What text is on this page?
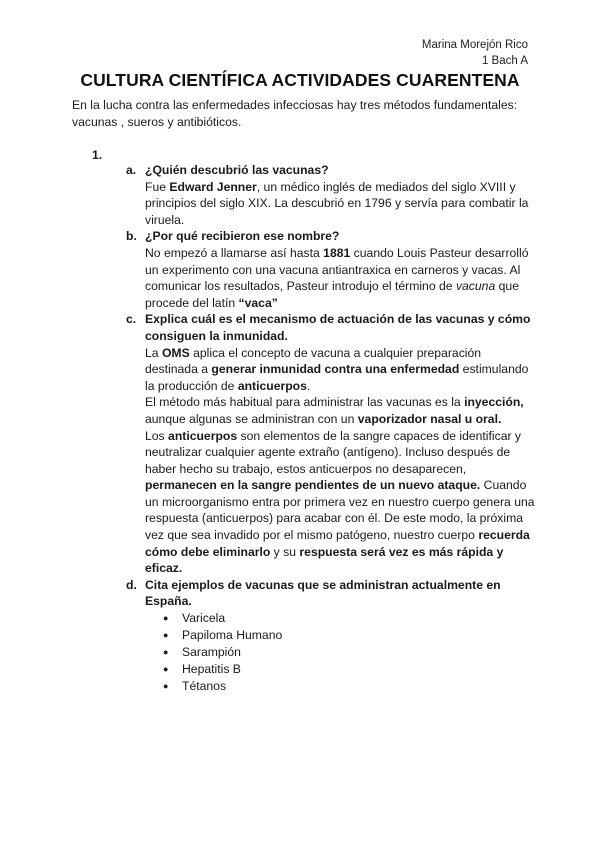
Marina Morejón Rico
1 Bach A
CULTURA CIENTÍFICA ACTIVIDADES CUARENTENA

En la lucha contra las enfermedades infecciosas hay tres métodos fundamentales: vacunas , sueros y antibióticos.

1.
a. ¿Quién descubrió las vacunas?
Fue Edward Jenner, un médico inglés de mediados del siglo XVIII y principios del siglo XIX. La descubrió en 1796 y servía para combatir la viruela.
b. ¿Por qué recibieron ese nombre?
No empezó a llamarse así hasta 1881 cuando Louis Pasteur desarrolló un experimento con una vacuna antiantraxica en carneros y vacas. Al comunicar los resultados, Pasteur introdujo el término de vacuna que procede del latín “vaca”
c. Explica cuál es el mecanismo de actuación de las vacunas y cómo consiguen la inmunidad.

La OMS aplica el concepto de vacuna a cualquier preparación destinada a generar inmunidad contra una enfermedad estimulando la producción de anticuerpos.

El método más habitual para administrar las vacunas es la inyección, aunque algunas se administran con un vaporizador nasal u oral.

Los anticuerpos son elementos de la sangre capaces de identificar y neutralizar cualquier agente extraño (antígeno). Incluso después de haber hecho su trabajo, estos anticuerpos no desaparecen, permanecen en la sangre pendientes de un nuevo ataque. Cuando un microorganismo entra por primera vez en nuestro cuerpo genera una respuesta (anticuerpos) para acabar con él. De este modo, la próxima vez que sea invadido por el mismo patógeno, nuestro cuerpo recuerda cómo debe eliminarlo y su respuesta será vez es más rápida y eficaz.

d. Cita ejemplos de vacunas que se administran actualmente en España.
● Varicela
● Papiloma Humano
● Sarampión
● Hepatitis B
● Tétanos
